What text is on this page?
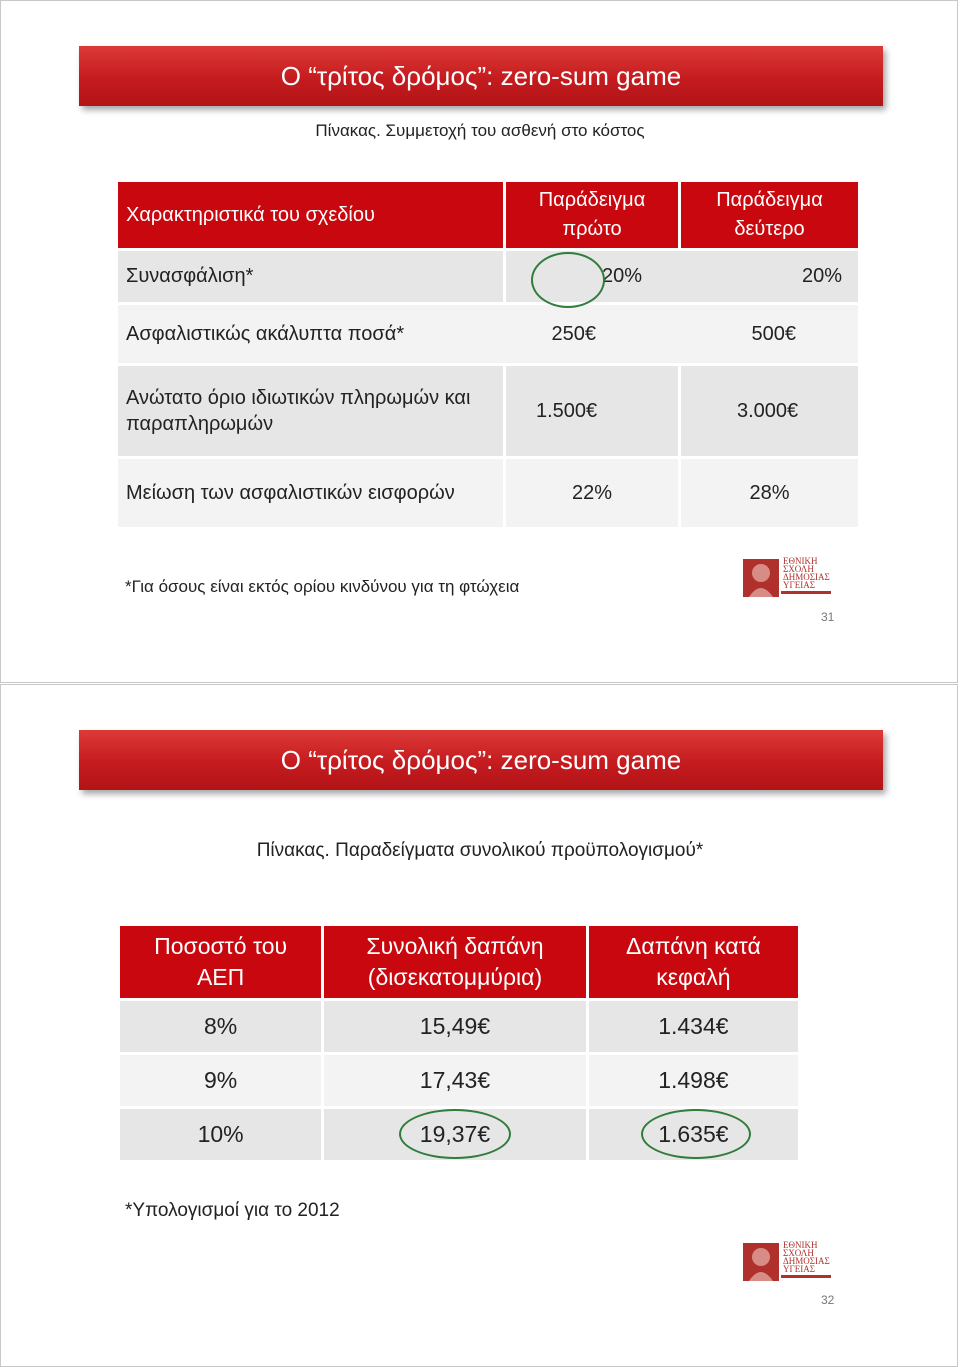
Ο “τρίτος δρόμος”: zero-sum game
Πίνακας. Συμμετοχή του ασθενή στο κόστος
Χαρακτηριστικά του σχεδίου	Παράδειγμα πρώτο	Παράδειγμα δεύτερο
Συνασφάλιση*	20% 20%	
Ασφαλιστικώς ακάλυπτα ποσά* 250€ 500€		
Ανώτατο όριο ιδιωτικών πληρωμών και παραπληρωμών	1.500€	3.000€
Μείωση των ασφαλιστικών εισφορών	22%	28%
*Για όσους είναι εκτός ορίου κινδύνου για τη φτώχεια
ΕΘΝΙΚΗ
ΣΧΟΛΗ
ΔΗΜΟΣΙΑΣ
ΥΓΕΙΑΣ
31
Ο “τρίτος δρόμος”: zero-sum game
Πίνακας. Παραδείγματα συνολικού προϋπολογισμού*
Ποσοστό του ΑΕΠ	Συνολική δαπάνη (δισεκατομμύρια)	Δαπάνη κατά κεφαλή
8%	15,49€	1.434€
9%	17,43€	1.498€
10%	19,37€	1.635€
*Υπολογισμοί για το 2012
ΕΘΝΙΚΗ
ΣΧΟΛΗ
ΔΗΜΟΣΙΑΣ
ΥΓΕΙΑΣ
32
